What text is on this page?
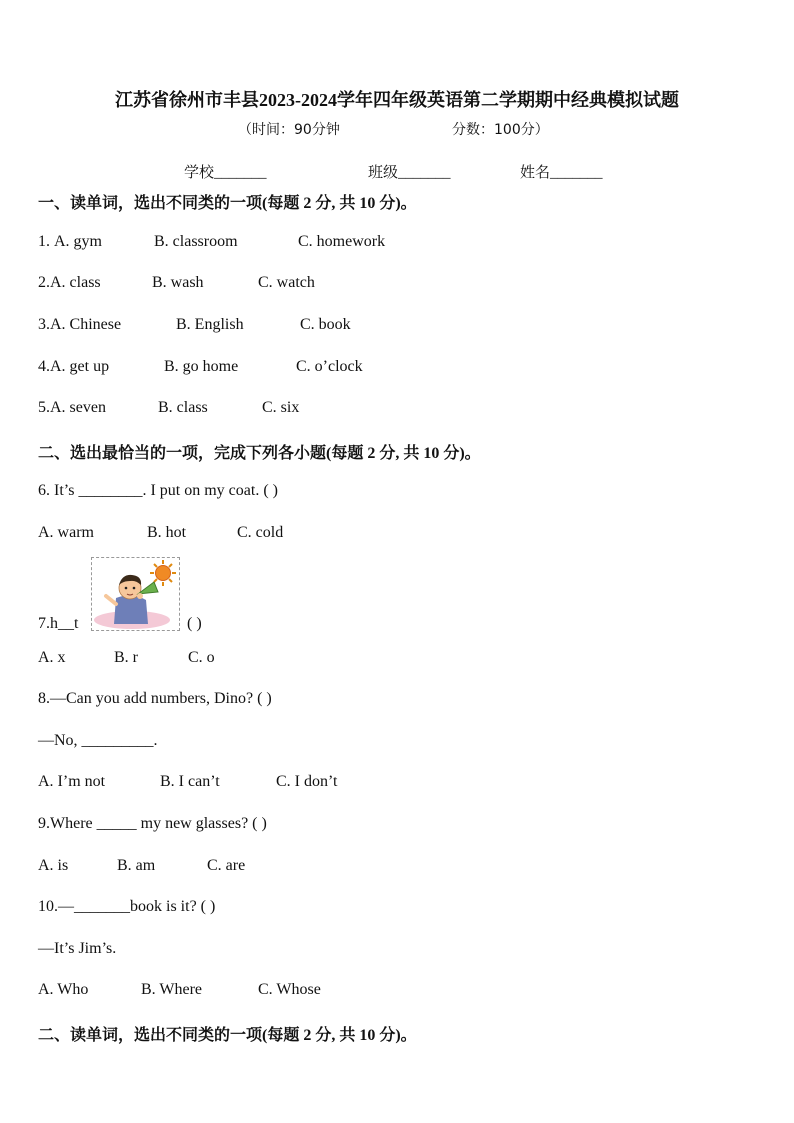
江苏省徐州市丰县2023-2024学年四年级英语第二学期期中经典模拟试题
（时间：90分钟	分数：100分）
学校_______	班级_______	姓名_______
一、读单词，选出不同类的一项(每题 2 分, 共 10 分)。
1. A. gym	B. classroom	C. homework
2.A. class	B. wash	C. watch
3.A. Chinese	B. English	C. book
4.A. get up	B. go home	C. o’clock
5.A. seven	B. class	C. six
二、选出最恰当的一项，完成下列各小题(每题 2 分, 共 10 分)。
6. It’s ________. I put on my coat. ( )
A. warm	B. hot	C. cold
7.h__t	( )
A. x	B. r	C. o
8.—Can you add numbers, Dino? ( )
—No, _________.
A. I’m not	B. I can’t	C. I don’t
9.Where _____ my new glasses? ( )
A. is	B. am	C. are
10.—_______book is it? ( )
—It’s Jim’s.
A. Who	B. Where	C. Whose
二、读单词，选出不同类的一项(每题 2 分, 共 10 分)。
